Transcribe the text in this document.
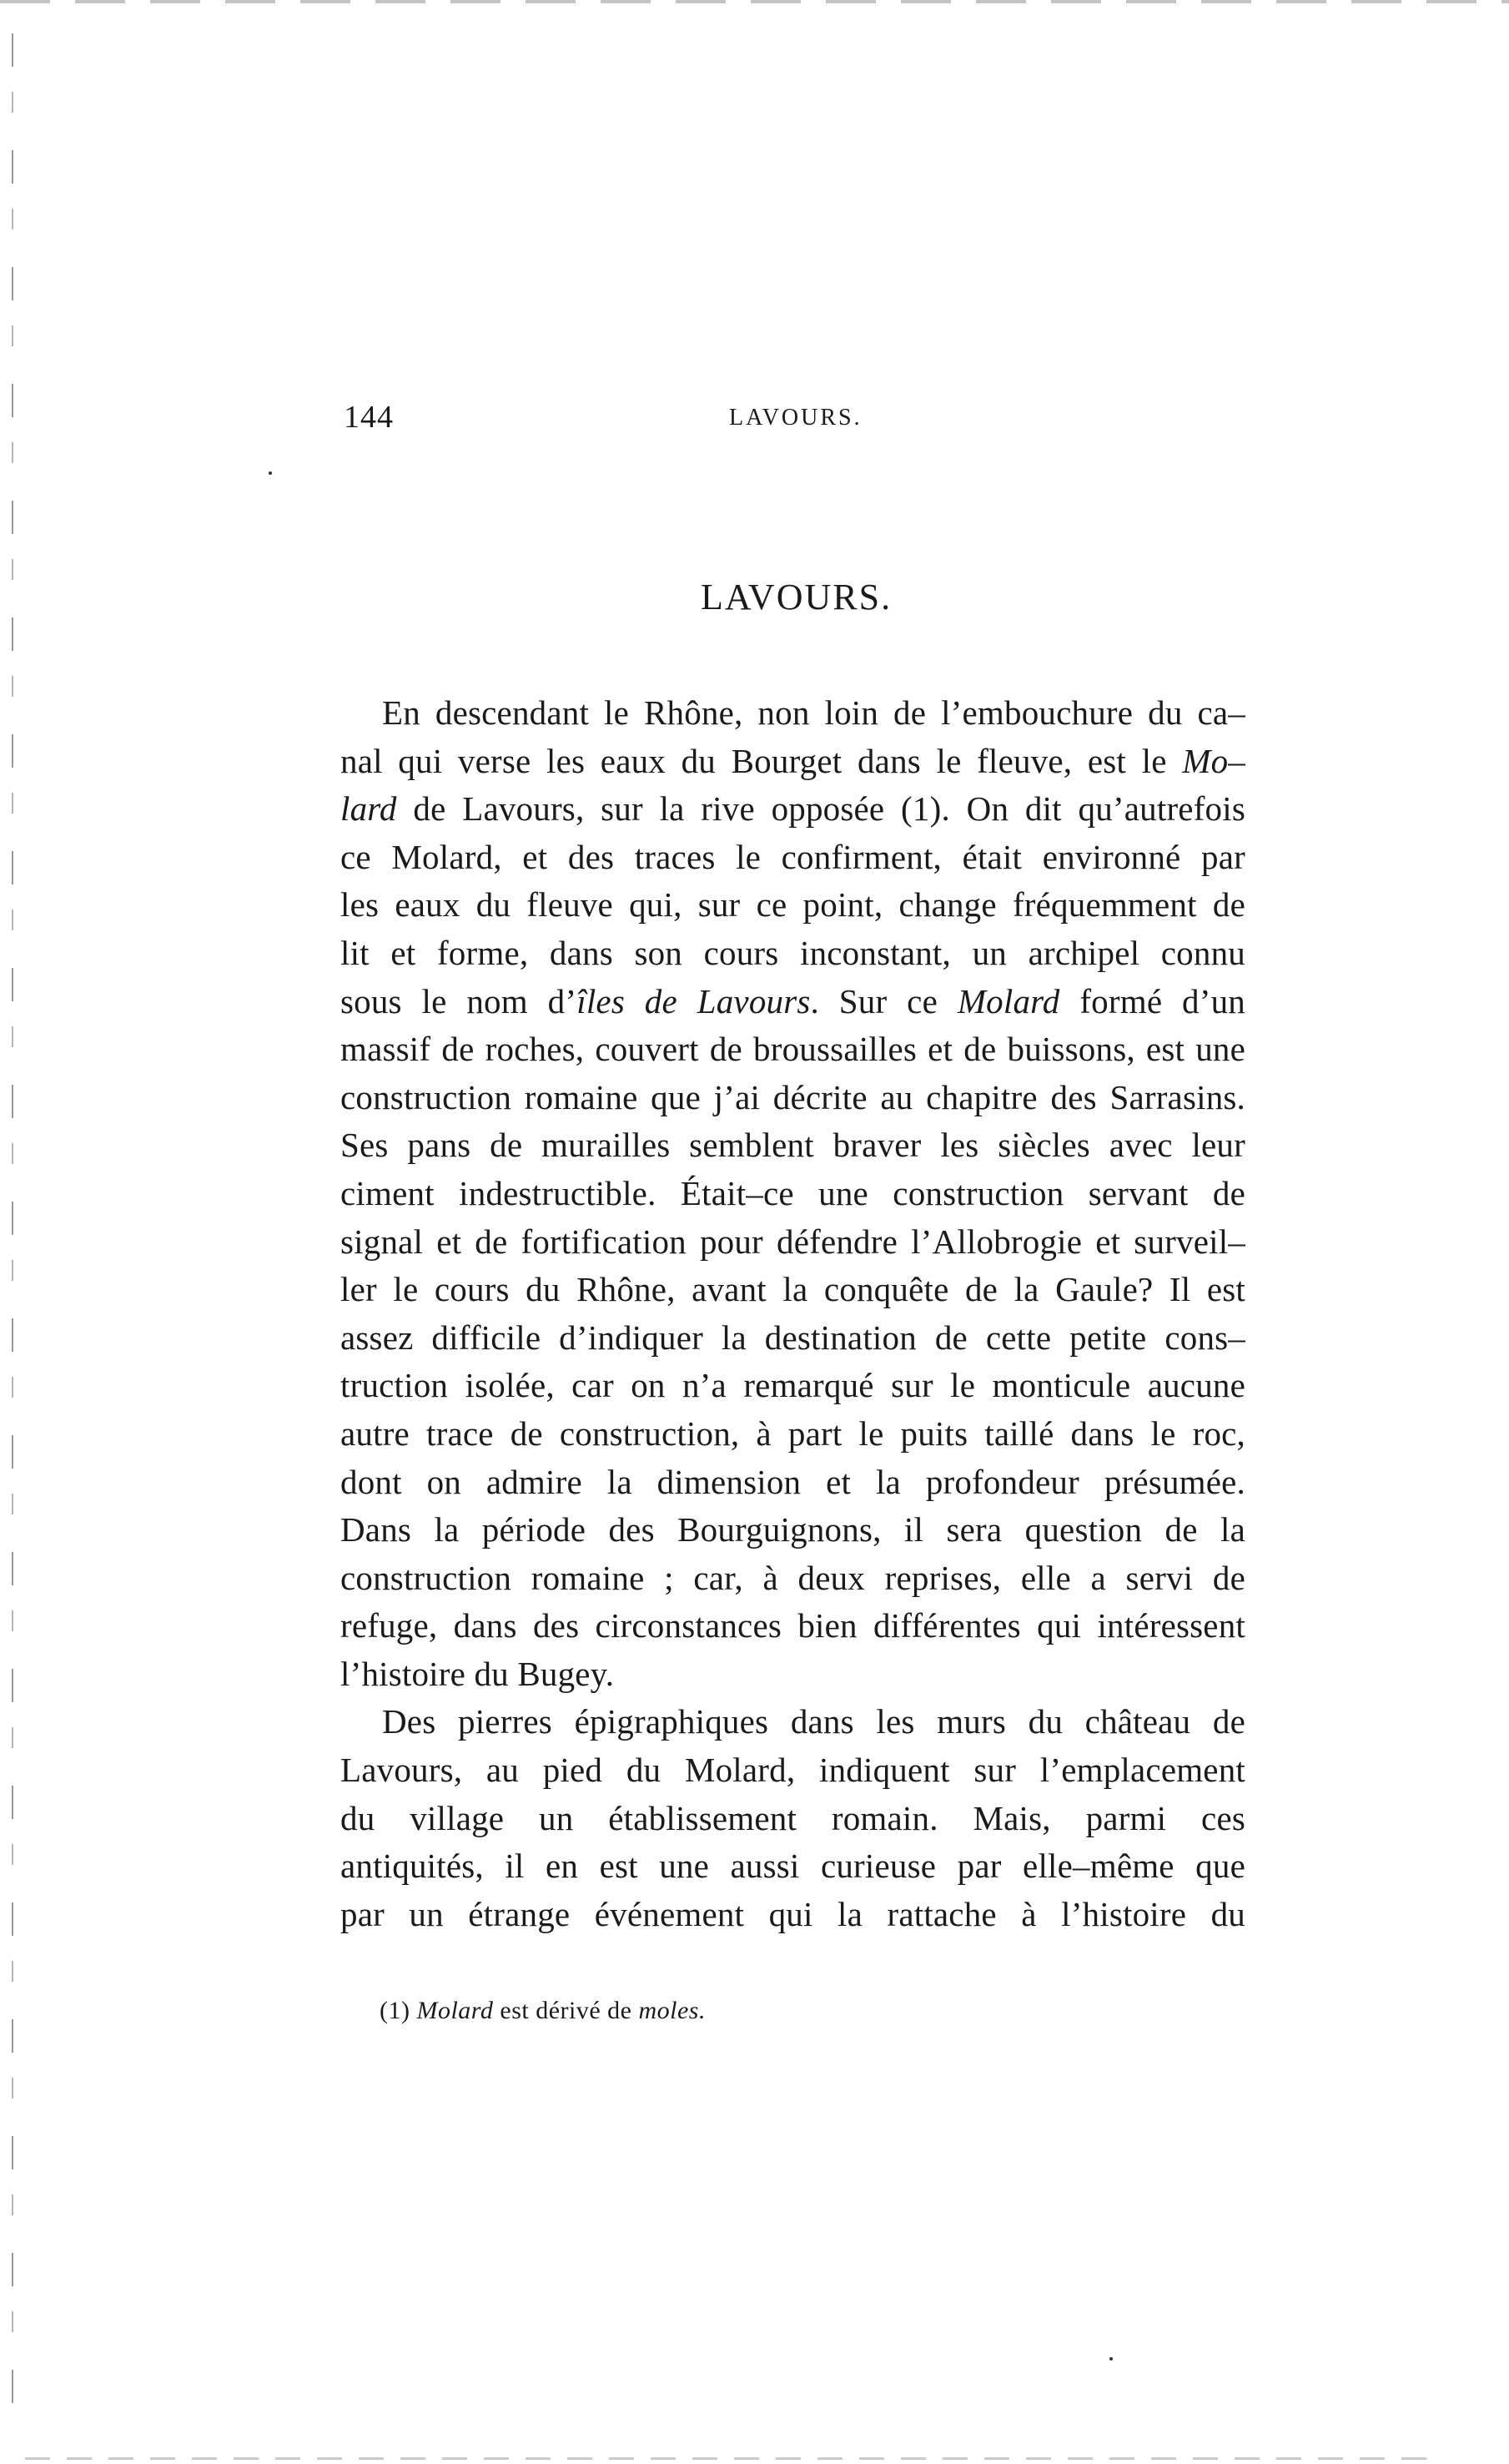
144	LAVOURS.
LAVOURS.
En descendant le Rhône, non loin de l’embouchure du ca–
nal qui verse les eaux du Bourget dans le fleuve, est le Mo–
lard de Lavours, sur la rive opposée (1). On dit qu’autrefois
ce Molard, et des traces le confirment, était environné par
les eaux du fleuve qui, sur ce point, change fréquemment de
lit et forme, dans son cours inconstant, un archipel connu
sous le nom d’îles de Lavours. Sur ce Molard formé d’un
massif de roches, couvert de broussailles et de buissons, est une
construction romaine que j’ai décrite au chapitre des Sarrasins.
Ses pans de murailles semblent braver les siècles avec leur
ciment indestructible. Était–ce une construction servant de
signal et de fortification pour défendre l’Allobrogie et surveil–
ler le cours du Rhône, avant la conquête de la Gaule? Il est
assez difficile d’indiquer la destination de cette petite cons–
truction isolée, car on n’a remarqué sur le monticule aucune
autre trace de construction, à part le puits taillé dans le roc,
dont on admire la dimension et la profondeur présumée.
Dans la période des Bourguignons, il sera question de la
construction romaine ; car, à deux reprises, elle a servi de
refuge, dans des circonstances bien différentes qui intéressent
l’histoire du Bugey.
Des pierres épigraphiques dans les murs du château de
Lavours, au pied du Molard, indiquent sur l’emplacement
du village un établissement romain. Mais, parmi ces
antiquités, il en est une aussi curieuse par elle–même que
par un étrange événement qui la rattache à l’histoire du
(1) Molard est dérivé de moles.
